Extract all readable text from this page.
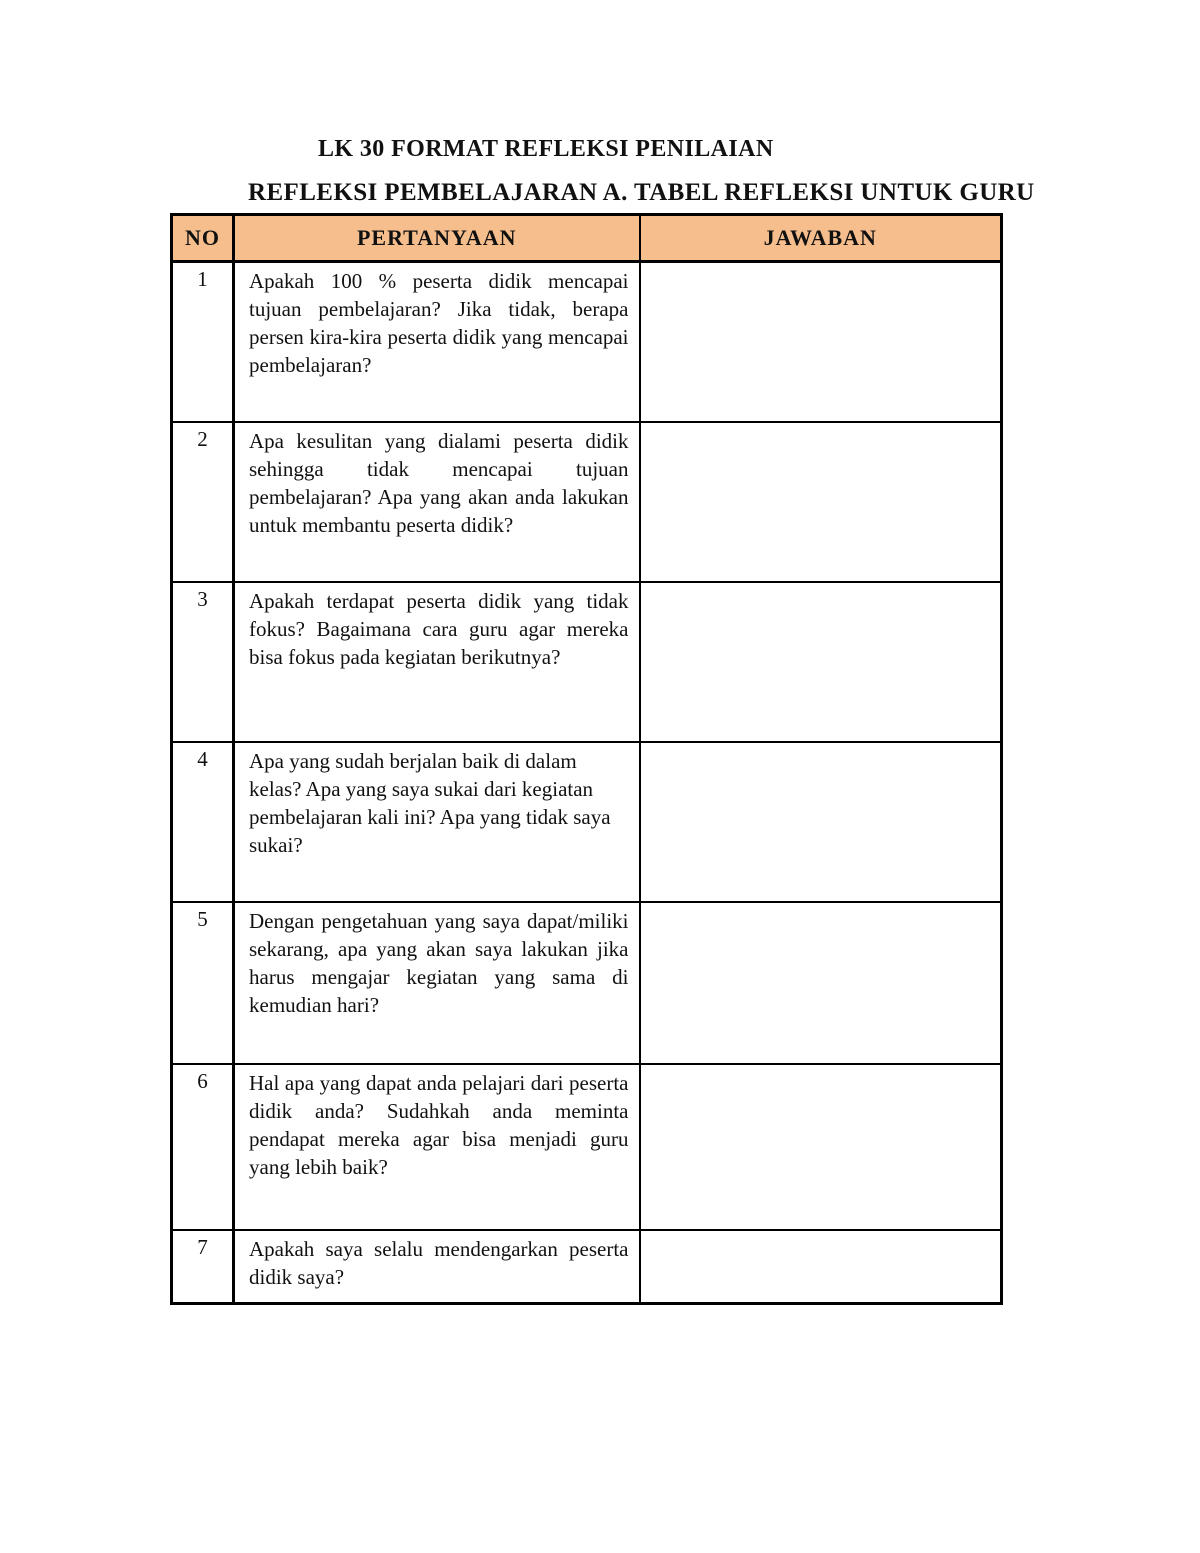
LK 30 FORMAT REFLEKSI PENILAIAN

REFLEKSI PEMBELAJARAN A. TABEL REFLEKSI UNTUK GURU

NO	PERTANYAAN	JAWABAN
1	Apakah 100 % peserta didik mencapai tujuan pembelajaran? Jika tidak, berapa persen kira-kira peserta didik yang mencapai pembelajaran?	
2	Apa kesulitan yang dialami peserta didik sehingga tidak mencapai tujuan pembelajaran? Apa yang akan anda lakukan untuk membantu peserta didik?	
3	Apakah terdapat peserta didik yang tidak fokus? Bagaimana cara guru agar mereka bisa fokus pada kegiatan berikutnya?	
4	Apa yang sudah berjalan baik di dalam kelas? Apa yang saya sukai dari kegiatan pembelajaran kali ini? Apa yang tidak saya sukai?	
5	Dengan pengetahuan yang saya dapat/miliki sekarang, apa yang akan saya lakukan jika harus mengajar kegiatan yang sama di kemudian hari?	
6	Hal apa yang dapat anda pelajari dari peserta didik anda? Sudahkah anda meminta pendapat mereka agar bisa menjadi guru yang lebih baik?	
7	Apakah saya selalu mendengarkan peserta didik saya?	
